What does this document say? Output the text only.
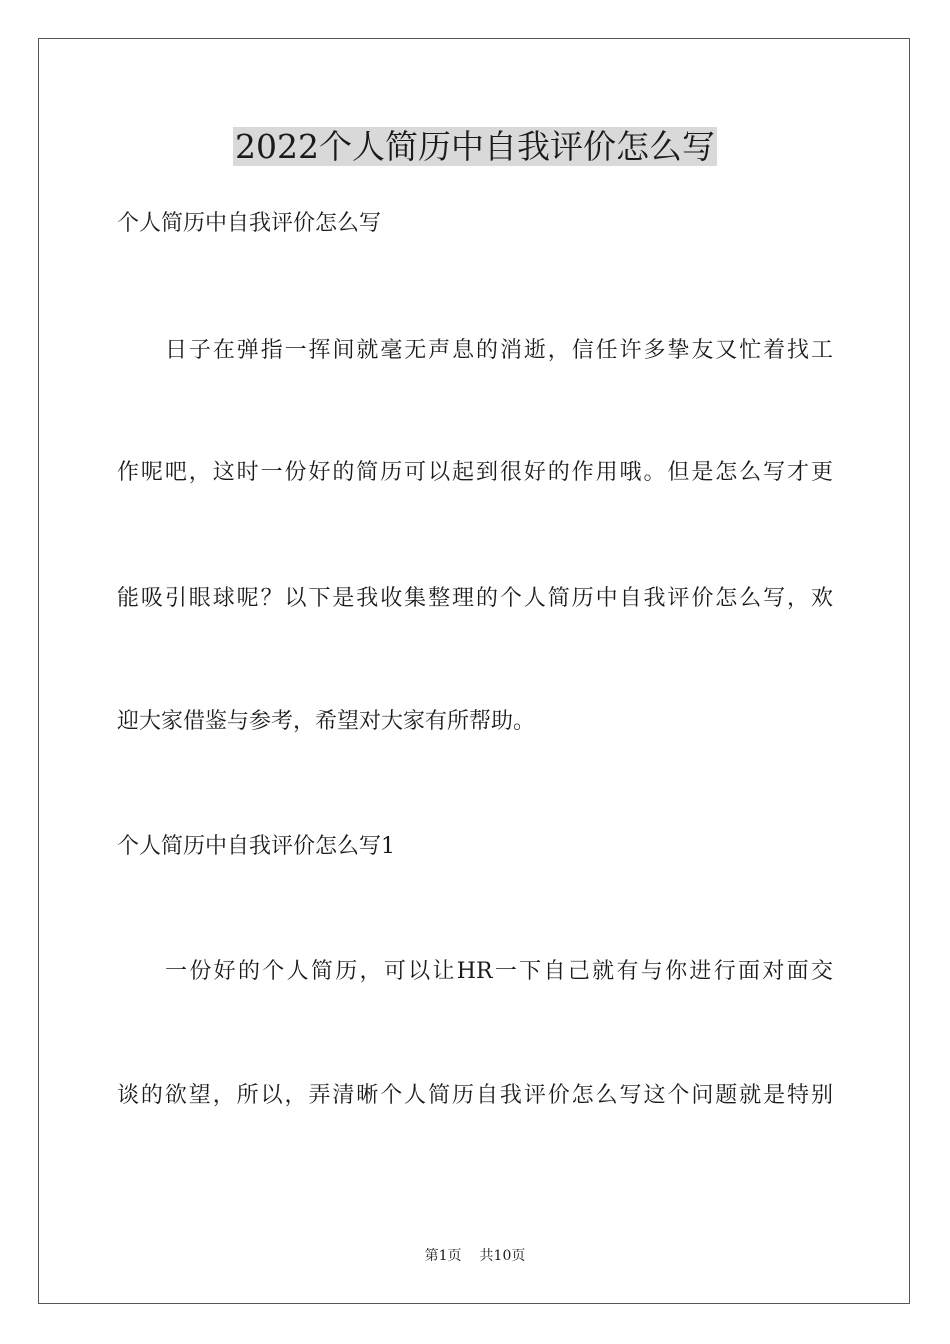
2022个人简历中自我评价怎么写

个人简历中自我评价怎么写

日子在弹指一挥间就毫无声息的消逝，信任许多挚友又忙着找工

作呢吧，这时一份好的简历可以起到很好的作用哦。但是怎么写才更

能吸引眼球呢？以下是我收集整理的个人简历中自我评价怎么写，欢

迎大家借鉴与参考，希望对大家有所帮助。

个人简历中自我评价怎么写1

一份好的个人简历，可以让HR一下自己就有与你进行面对面交

谈的欲望，所以，弄清晰个人简历自我评价怎么写这个问题就是特别

第1页 共10页
